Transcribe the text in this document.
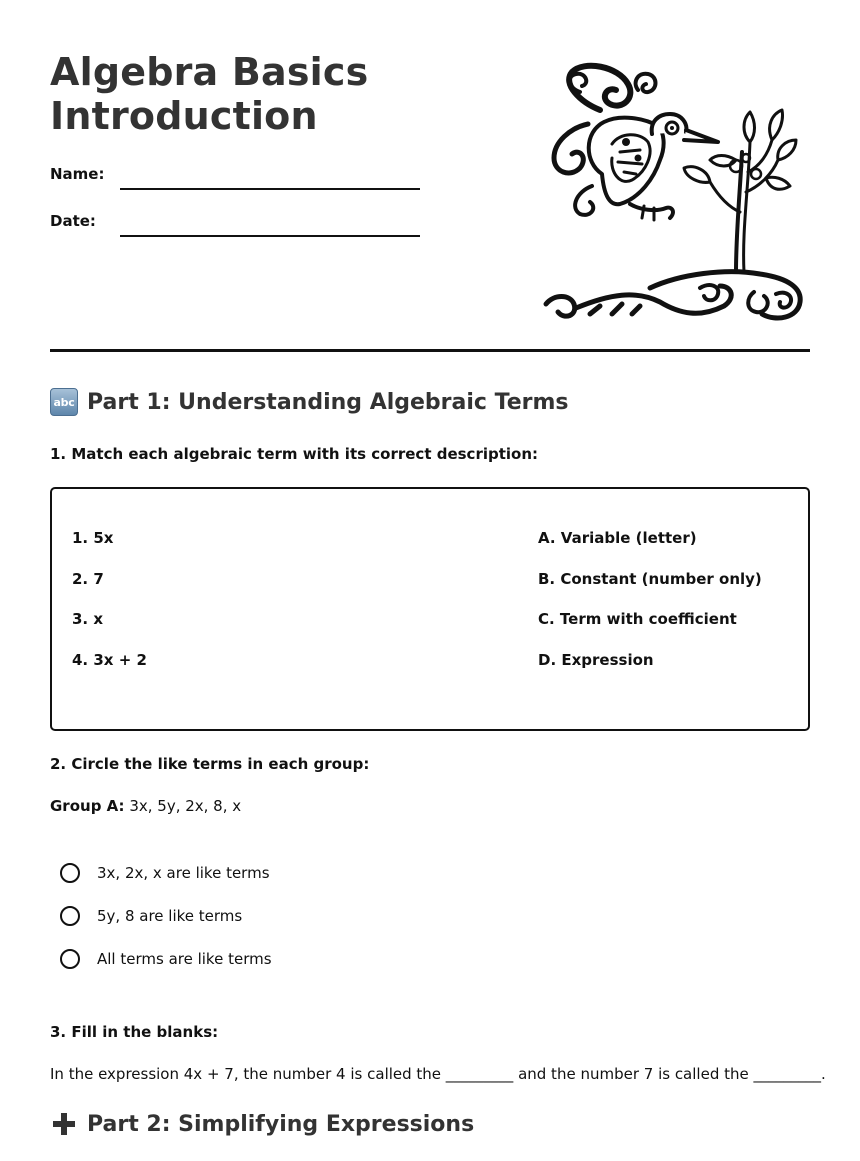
Algebra Basics
Introduction
Name:
Date:
abc Part 1: Understanding Algebraic Terms

1. Match each algebraic term with its correct description:

1. 5x
2. 7
3. x
4. 3x + 2
A. Variable (letter)
B. Constant (number only)
C. Term with coefficient
D. Expression

2. Circle the like terms in each group:

Group A: 3x, 5y, 2x, 8, x
3x, 2x, x are like terms
5y, 8 are like terms
All terms are like terms

3. Fill in the blanks:

In the expression 4x + 7, the number 4 is called the _________ and the number 7 is called the _________.
Part 2: Simplifying Expressions
